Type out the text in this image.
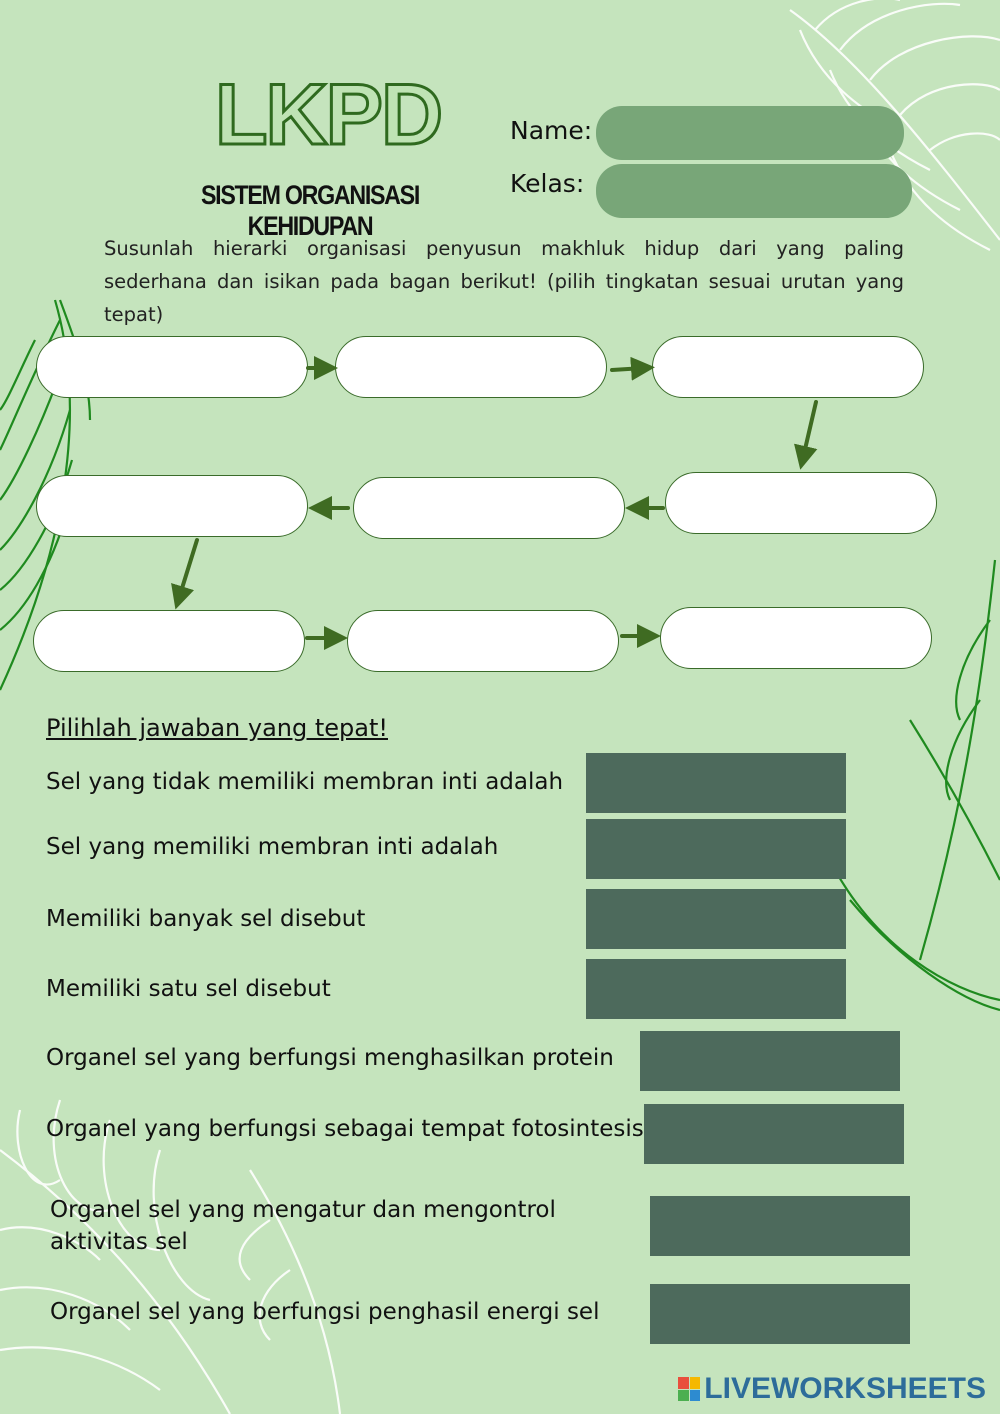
LKPD
SISTEM ORGANISASI KEHIDUPAN
Name:
Kelas:
Susunlah hierarki organisasi penyusun makhluk hidup dari yang paling sederhana dan isikan pada bagan berikut! (pilih tingkatan sesuai urutan yang tepat)
Pilihlah jawaban yang tepat!
Sel yang tidak memiliki membran inti adalah
Sel yang memiliki membran inti adalah
Memiliki banyak sel disebut
Memiliki satu sel disebut
Organel sel yang berfungsi menghasilkan protein
Organel yang berfungsi sebagai tempat fotosintesis
Organel sel yang mengatur dan mengontrol aktivitas sel
Organel sel yang berfungsi penghasil energi sel
LIVEWORKSHEETS
